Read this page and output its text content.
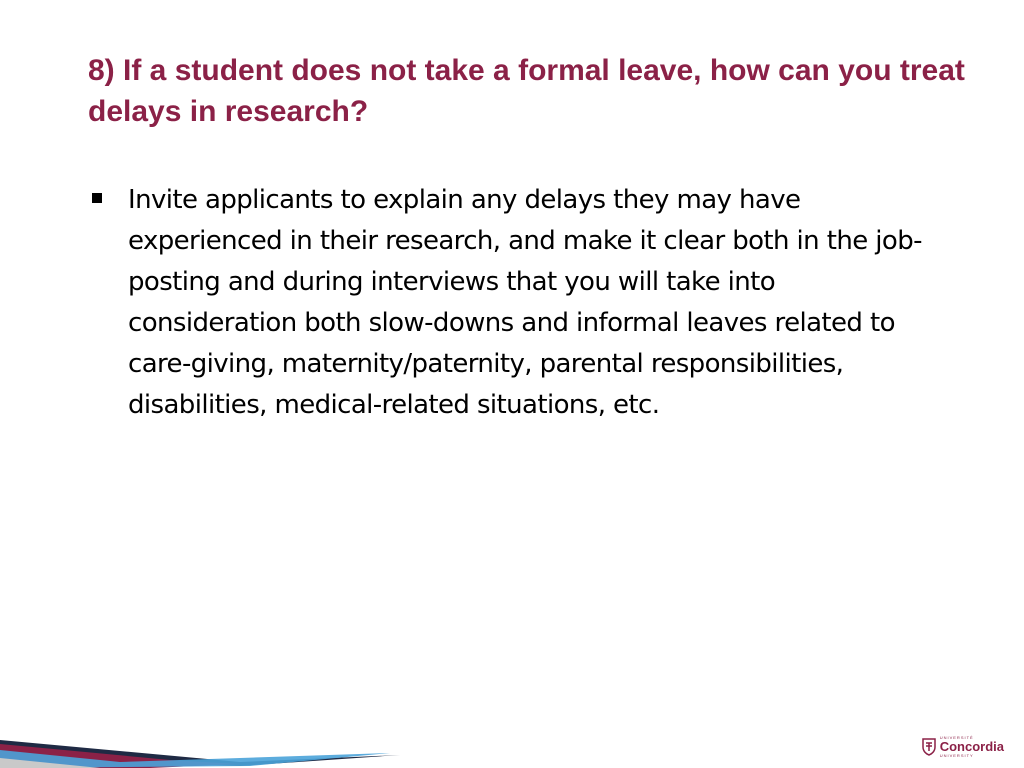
8) If a student does not take a formal leave, how can you treat delays in research?
Invite applicants to explain any delays they may have experienced in their research, and make it clear both in the job-posting and during interviews that you will take into consideration both slow-downs and informal leaves related to care-giving, maternity/paternity, parental responsibilities, disabilities, medical-related situations, etc.
UNIVERSITÉ
Concordia
UNIVERSITY
